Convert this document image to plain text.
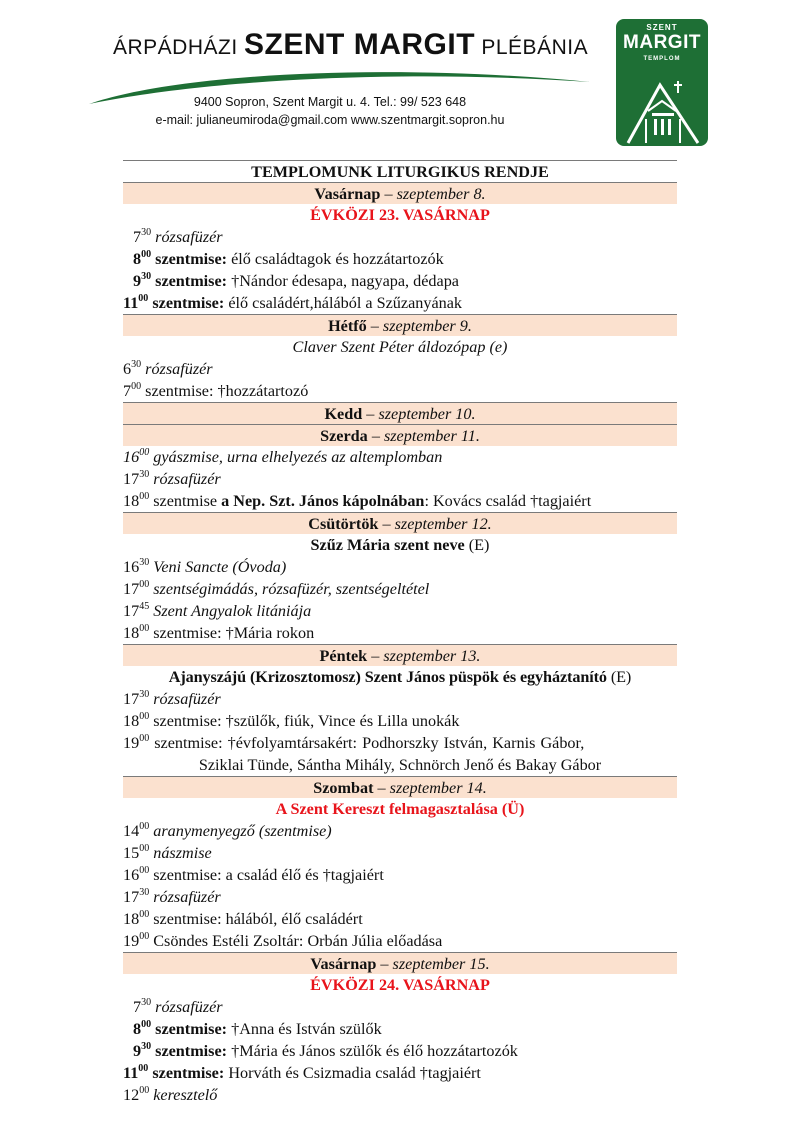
ÁRPÁDHÁZI SZENT MARGIT PLÉBÁNIA
9400 Sopron, Szent Margit u. 4. Tel.: 99/ 523 648
e-mail: julianeumiroda@gmail.com www.szentmargit.sopron.hu
SZENT
MARGIT
TEMPLOM
TEMPLOMUNK LITURGIKUS RENDJE
Vasárnap – szeptember 8.
ÉVKÖZI 23. VASÁRNAP
$7^{30}$ rózsafüzér
$8^{00}$ szentmise: élő családtagok és hozzátartozók
$9^{30}$ szentmise: †Nándor édesapa, nagyapa, dédapa
$11^{00}$ szentmise: élő családért,hálából a Szűzanyának
Hétfő – szeptember 9.
Claver Szent Péter áldozópap (e)
$6^{30}$ rózsafüzér
$7^{00}$ szentmise: †hozzátartozó
Kedd – szeptember 10.
Szerda – szeptember 11.
$16^{00}$ gyászmise, urna elhelyezés az altemplomban
$17^{30}$ rózsafüzér
$18^{00}$ szentmise a Nep. Szt. János kápolnában: Kovács család †tagjaiért
Csütörtök – szeptember 12.
Szűz Mária szent neve (E)
$16^{30}$ Veni Sancte (Óvoda)
$17^{00}$ szentségimádás, rózsafüzér, szentségeltétel
$17^{45}$ Szent Angyalok litániája
$18^{00}$ szentmise: †Mária rokon
Péntek – szeptember 13.
Ajanyszájú (Krizosztomosz) Szent János püspök és egyháztanító (E)
$17^{30}$ rózsafüzér
$18^{00}$ szentmise: †szülők, fiúk, Vince és Lilla unokák
$19^{00}$ szentmise: †évfolyamtársakért: Podhorszky István, Karnis Gábor,
Sziklai Tünde, Sántha Mihály, Schnörch Jenő és Bakay Gábor
Szombat – szeptember 14.
A Szent Kereszt felmagasztalása (Ü)
$14^{00}$ aranymenyegző (szentmise)
$15^{00}$ nászmise
$16^{00}$ szentmise: a család élő és †tagjaiért
$17^{30}$ rózsafüzér
$18^{00}$ szentmise: hálából, élő családért
$19^{00}$ Csöndes Estéli Zsoltár: Orbán Júlia előadása
Vasárnap – szeptember 15.
ÉVKÖZI 24. VASÁRNAP
$7^{30}$ rózsafüzér
$8^{00}$ szentmise: †Anna és István szülők
$9^{30}$ szentmise: †Mária és János szülők és élő hozzátartozók
$11^{00}$ szentmise: Horváth és Csizmadia család †tagjaiért
$12^{00}$ keresztelő
